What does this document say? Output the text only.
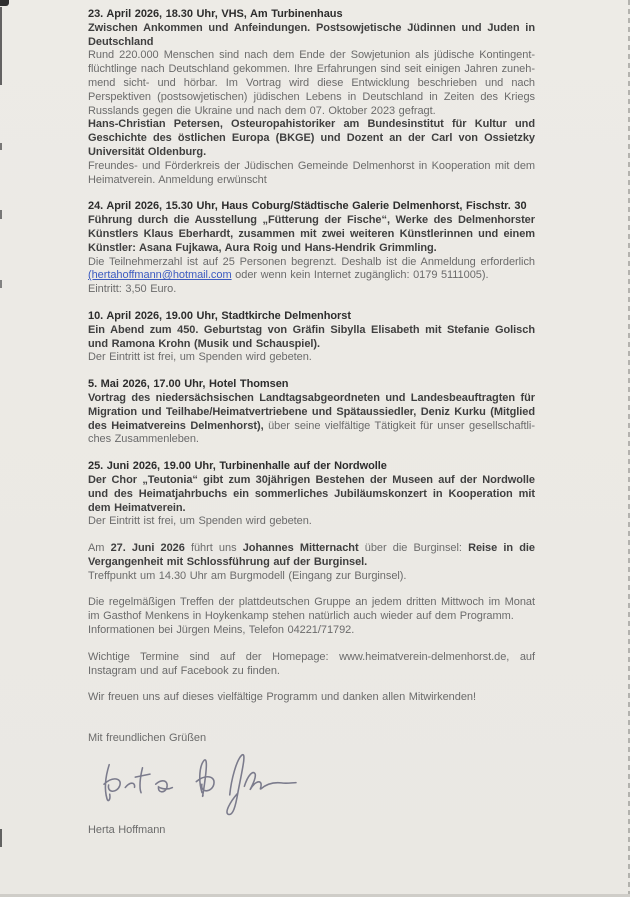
23. April 2026, 18.30 Uhr, VHS, Am Turbinenhaus

Zwischen Ankommen und Anfeindungen. Postsowjetische Jüdinnen und Juden in Deutschland

Rund 220.000 Menschen sind nach dem Ende der Sowjetunion als jüdische Kontingentflüchtlinge nach Deutschland gekommen. Ihre Erfahrungen sind seit einigen Jahren zunehmend sicht- und hörbar. Im Vortrag wird diese Entwicklung beschrieben und nach Perspektiven (postsowjetischen) jüdischen Lebens in Deutschland in Zeiten des Kriegs Russlands gegen die Ukraine und nach dem 07. Oktober 2023 gefragt.

Hans-Christian Petersen, Osteuropahistoriker am Bundesinstitut für Kultur und Geschichte des östlichen Europa (BKGE) und Dozent an der Carl von Ossietzky Universität Oldenburg.

Freundes- und Förderkreis der Jüdischen Gemeinde Delmenhorst in Kooperation mit dem Heimatverein. Anmeldung erwünscht

24. April 2026, 15.30 Uhr, Haus Coburg/Städtische Galerie Delmenhorst, Fischstr. 30

Führung durch die Ausstellung „Fütterung der Fische“, Werke des Delmenhorster Künstlers Klaus Eberhardt, zusammen mit zwei weiteren Künstlerinnen und einem Künstler: Asana Fujkawa, Aura Roig und Hans-Hendrik Grimmling.

Die Teilnehmerzahl ist auf 25 Personen begrenzt. Deshalb ist die Anmeldung erforderlich (hertahoffmann@hotmail.com oder wenn kein Internet zugänglich: 0179 5111005).

Eintritt: 3,50 Euro.

10. April 2026, 19.00 Uhr, Stadtkirche Delmenhorst

Ein Abend zum 450. Geburtstag von Gräfin Sibylla Elisabeth mit Stefanie Golisch und Ramona Krohn (Musik und Schauspiel).

Der Eintritt ist frei, um Spenden wird gebeten.

5. Mai 2026, 17.00 Uhr, Hotel Thomsen

Vortrag des niedersächsischen Landtagsabgeordneten und Landesbeauftragten für Migration und Teilhabe/Heimatvertriebene und Spätaussiedler, Deniz Kurku (Mitglied des Heimatvereins Delmenhorst), über seine vielfältige Tätigkeit für unser gesellschaftliches Zusammenleben.

25. Juni 2026, 19.00 Uhr, Turbinenhalle auf der Nordwolle

Der Chor „Teutonia“ gibt zum 30jährigen Bestehen der Museen auf der Nordwolle und des Heimatjahrbuchs ein sommerliches Jubiläumskonzert in Kooperation mit dem Heimatverein.

Der Eintritt ist frei, um Spenden wird gebeten.

Am 27. Juni 2026 führt uns Johannes Mitternacht über die Burginsel: Reise in die Vergangenheit mit Schlossführung auf der Burginsel.

Treffpunkt um 14.30 Uhr am Burgmodell (Eingang zur Burginsel).

Die regelmäßigen Treffen der plattdeutschen Gruppe an jedem dritten Mittwoch im Monat im Gasthof Menkens in Hoykenkamp stehen natürlich auch wieder auf dem Programm.

Informationen bei Jürgen Meins, Telefon 04221/71792.

Wichtige Termine sind auf der Homepage: www.heimatverein-delmenhorst.de, auf Instagram und auf Facebook zu finden.

Wir freuen uns auf dieses vielfältige Programm und danken allen Mitwirkenden!

Mit freundlichen Grüßen

Herta Hoffmann
